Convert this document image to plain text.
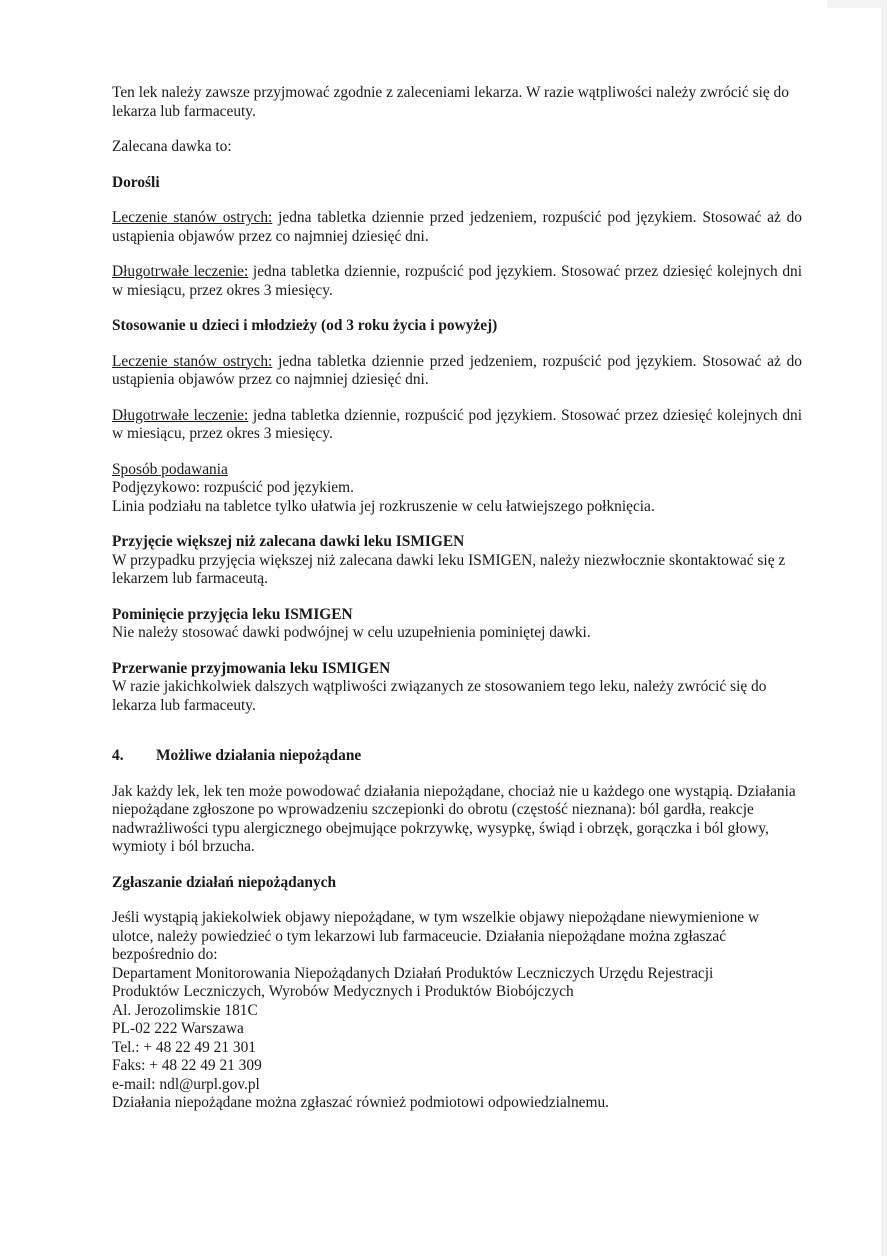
Ten lek należy zawsze przyjmować zgodnie z zaleceniami lekarza. W razie wątpliwości należy zwrócić się do lekarza lub farmaceuty.

Zalecana dawka to:

Dorośli

Leczenie stanów ostrych: jedna tabletka dziennie przed jedzeniem, rozpuścić pod językiem. Stosować aż do ustąpienia objawów przez co najmniej dziesięć dni.

Długotrwałe leczenie: jedna tabletka dziennie, rozpuścić pod językiem. Stosować przez dziesięć kolejnych dni w miesiącu, przez okres 3 miesięcy.

Stosowanie u dzieci i młodzieży (od 3 roku życia i powyżej)

Leczenie stanów ostrych: jedna tabletka dziennie przed jedzeniem, rozpuścić pod językiem. Stosować aż do ustąpienia objawów przez co najmniej dziesięć dni.

Długotrwałe leczenie: jedna tabletka dziennie, rozpuścić pod językiem. Stosować przez dziesięć kolejnych dni w miesiącu, przez okres 3 miesięcy.

Sposób podawania

Podjęzykowo: rozpuścić pod językiem.

Linia podziału na tabletce tylko ułatwia jej rozkruszenie w celu łatwiejszego połknięcia.

Przyjęcie większej niż zalecana dawki leku ISMIGEN

W przypadku przyjęcia większej niż zalecana dawki leku ISMIGEN, należy niezwłocznie skontaktować się z lekarzem lub farmaceutą.

Pominięcie przyjęcia leku ISMIGEN

Nie należy stosować dawki podwójnej w celu uzupełnienia pominiętej dawki.

Przerwanie przyjmowania leku ISMIGEN

W razie jakichkolwiek dalszych wątpliwości związanych ze stosowaniem tego leku, należy zwrócić się do lekarza lub farmaceuty.

4.	Możliwe działania niepożądane

Jak każdy lek, lek ten może powodować działania niepożądane, chociaż nie u każdego one wystąpią. Działania niepożądane zgłoszone po wprowadzeniu szczepionki do obrotu (częstość nieznana): ból gardła, reakcje nadwrażliwości typu alergicznego obejmujące pokrzywkę, wysypkę, świąd i obrzęk, gorączka i ból głowy, wymioty i ból brzucha.

Zgłaszanie działań niepożądanych

Jeśli wystąpią jakiekolwiek objawy niepożądane, w tym wszelkie objawy niepożądane niewymienione w ulotce, należy powiedzieć o tym lekarzowi lub farmaceucie. Działania niepożądane można zgłaszać bezpośrednio do:

Departament Monitorowania Niepożądanych Działań Produktów Leczniczych Urzędu Rejestracji

Produktów Leczniczych, Wyrobów Medycznych i Produktów Biobójczych

Al. Jerozolimskie 181C

PL-02 222 Warszawa

Tel.: + 48 22 49 21 301

Faks: + 48 22 49 21 309

e-mail: ndl@urpl.gov.pl

Działania niepożądane można zgłaszać również podmiotowi odpowiedzialnemu.
